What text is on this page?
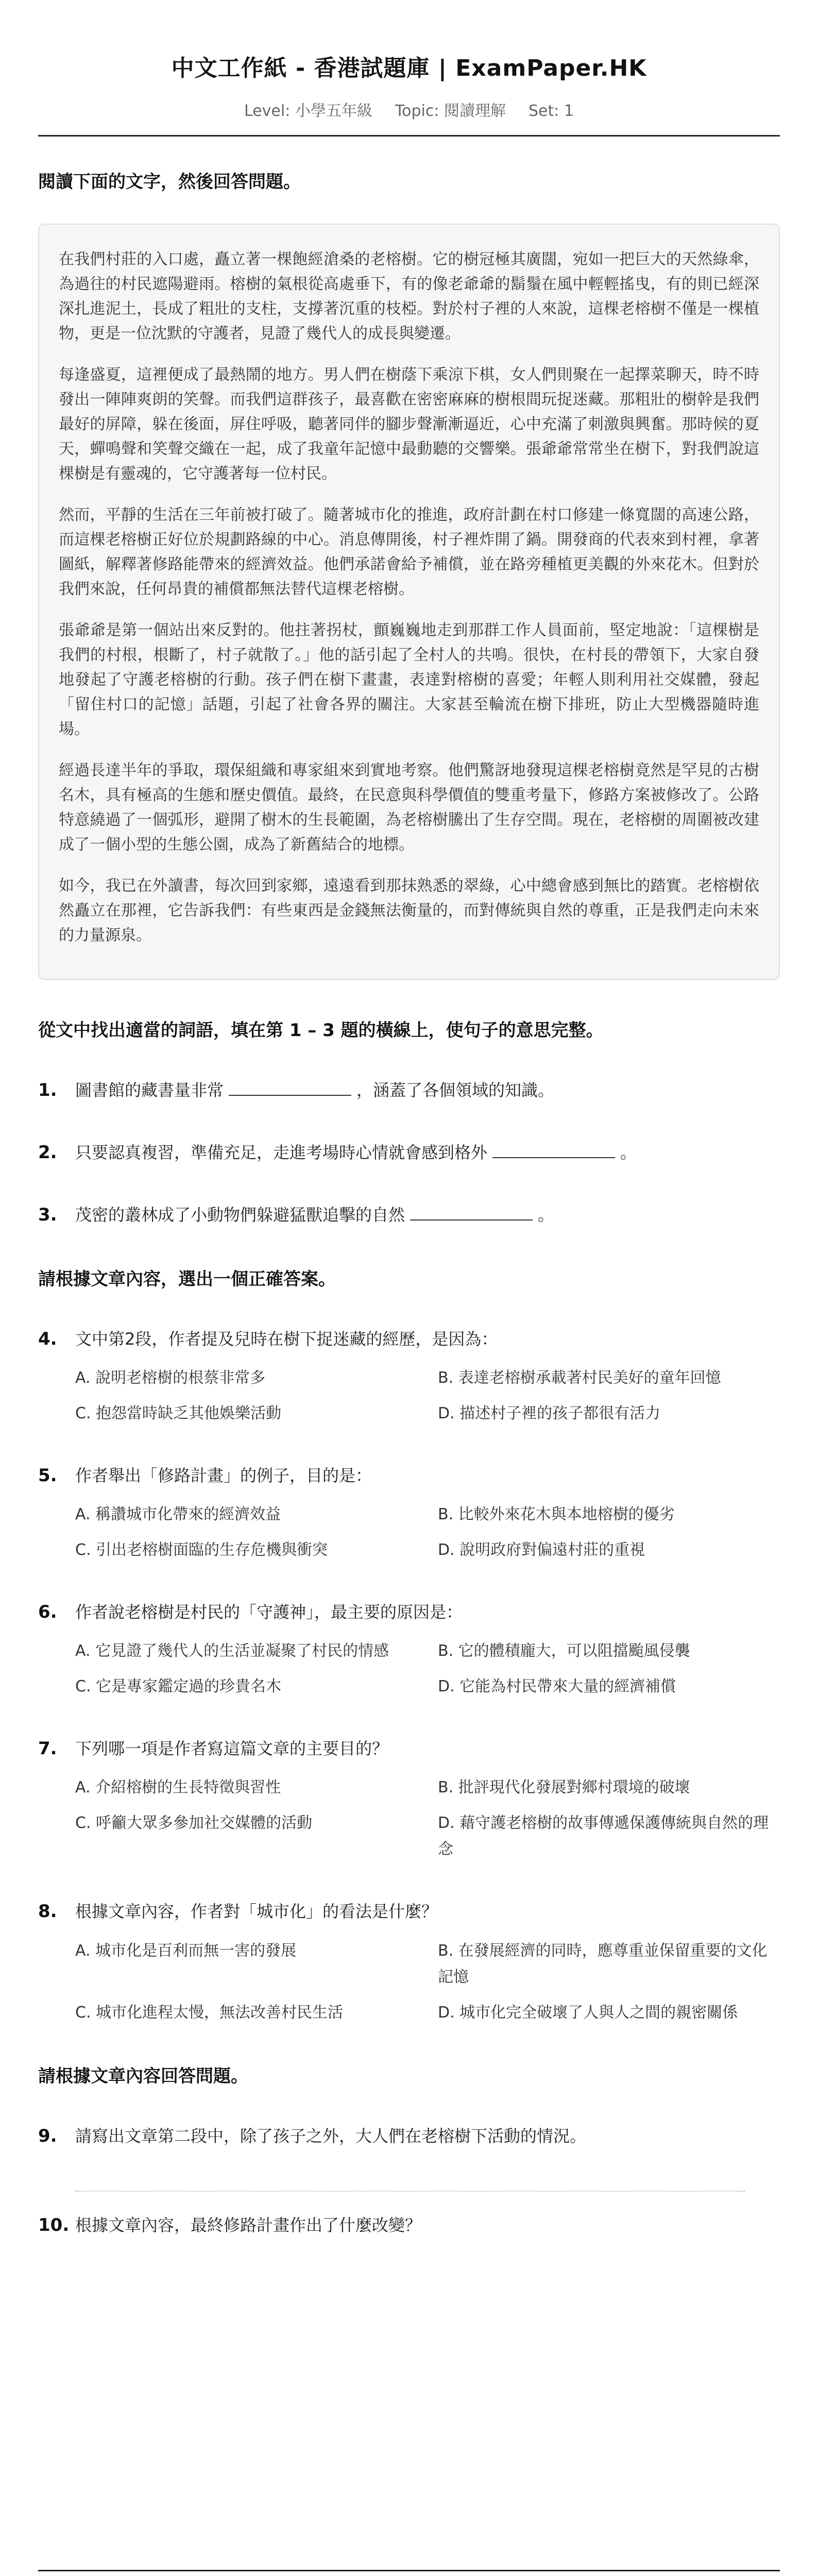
中文工作紙 - 香港試題庫 | ExamPaper.HK
Level: 小學五年級 Topic: 閱讀理解 Set: 1

閱讀下面的文字，然後回答問題。

在我們村莊的入口處，矗立著一棵飽經滄桑的老榕樹。它的樹冠極其廣闊，宛如一把巨大的天然綠傘，為過往的村民遮陽避雨。榕樹的氣根從高處垂下，有的像老爺爺的鬍鬚在風中輕輕搖曳，有的則已經深深扎進泥土，長成了粗壯的支柱，支撐著沉重的枝椏。對於村子裡的人來說，這棵老榕樹不僅是一棵植物，更是一位沈默的守護者，見證了幾代人的成長與變遷。

每逢盛夏，這裡便成了最熱鬧的地方。男人們在樹蔭下乘涼下棋，女人們則聚在一起擇菜聊天，時不時發出一陣陣爽朗的笑聲。而我們這群孩子，最喜歡在密密麻麻的樹根間玩捉迷藏。那粗壯的樹幹是我們最好的屏障，躲在後面，屏住呼吸，聽著同伴的腳步聲漸漸逼近，心中充滿了刺激與興奮。那時候的夏天，蟬鳴聲和笑聲交織在一起，成了我童年記憶中最動聽的交響樂。張爺爺常常坐在樹下，對我們說這棵樹是有靈魂的，它守護著每一位村民。

然而，平靜的生活在三年前被打破了。隨著城市化的推進，政府計劃在村口修建一條寬闊的高速公路，而這棵老榕樹正好位於規劃路線的中心。消息傳開後，村子裡炸開了鍋。開發商的代表來到村裡，拿著圖紙，解釋著修路能帶來的經濟效益。他們承諾會給予補償，並在路旁種植更美觀的外來花木。但對於我們來說，任何昂貴的補償都無法替代這棵老榕樹。

張爺爺是第一個站出來反對的。他拄著拐杖，顫巍巍地走到那群工作人員面前，堅定地說：「這棵樹是我們的村根，根斷了，村子就散了。」他的話引起了全村人的共鳴。很快，在村長的帶領下，大家自發地發起了守護老榕樹的行動。孩子們在樹下畫畫，表達對榕樹的喜愛；年輕人則利用社交媒體，發起「留住村口的記憶」話題，引起了社會各界的關注。大家甚至輪流在樹下排班，防止大型機器隨時進場。

經過長達半年的爭取，環保組織和專家組來到實地考察。他們驚訝地發現這棵老榕樹竟然是罕見的古樹名木，具有極高的生態和歷史價值。最終，在民意與科學價值的雙重考量下，修路方案被修改了。公路特意繞過了一個弧形，避開了樹木的生長範圍，為老榕樹騰出了生存空間。現在，老榕樹的周圍被改建成了一個小型的生態公園，成為了新舊結合的地標。

如今，我已在外讀書，每次回到家鄉，遠遠看到那抹熟悉的翠綠，心中總會感到無比的踏實。老榕樹依然矗立在那裡，它告訴我們：有些東西是金錢無法衡量的，而對傳統與自然的尊重，正是我們走向未來的力量源泉。

從文中找出適當的詞語，填在第 1 – 3 題的橫線上，使句子的意思完整。

1.	圖書館的藏書量非常	，涵蓋了各個領域的知識。
2.	只要認真複習，準備充足，走進考場時心情就會感到格外	。
3.	茂密的叢林成了小動物們躲避猛獸追擊的自然	。

請根據文章內容，選出一個正確答案。

4.	文中第2段，作者提及兒時在樹下捉迷藏的經歷，是因為：
A. 說明老榕樹的根蔡非常多	B. 表達老榕樹承載著村民美好的童年回憶
C. 抱怨當時缺乏其他娛樂活動	D. 描述村子裡的孩子都很有活力
5.	作者舉出「修路計畫」的例子，目的是：
A. 稱讚城市化帶來的經濟效益	B. 比較外來花木與本地榕樹的優劣
C. 引出老榕樹面臨的生存危機與衝突	D. 說明政府對偏遠村莊的重視
6.	作者說老榕樹是村民的「守護神」，最主要的原因是：
A. 它見證了幾代人的生活並凝聚了村民的情感	B. 它的體積龐大，可以阻擋颱風侵襲
C. 它是專家鑑定過的珍貴名木	D. 它能為村民帶來大量的經濟補償
7.	下列哪一項是作者寫這篇文章的主要目的？
A. 介紹榕樹的生長特徵與習性	B. 批評現代化發展對鄉村環境的破壞
C. 呼籲大眾多參加社交媒體的活動	D. 藉守護老榕樹的故事傳遞保護傳統與自然的理念
8.	根據文章內容，作者對「城市化」的看法是什麼？
A. 城市化是百利而無一害的發展	B. 在發展經濟的同時，應尊重並保留重要的文化記憶
C. 城市化進程太慢，無法改善村民生活	D. 城市化完全破壞了人與人之間的親密關係

請根據文章內容回答問題。

9.	請寫出文章第二段中，除了孩子之外，大人們在老榕樹下活動的情況。
10. 根據文章內容，最終修路計畫作出了什麼改變？
